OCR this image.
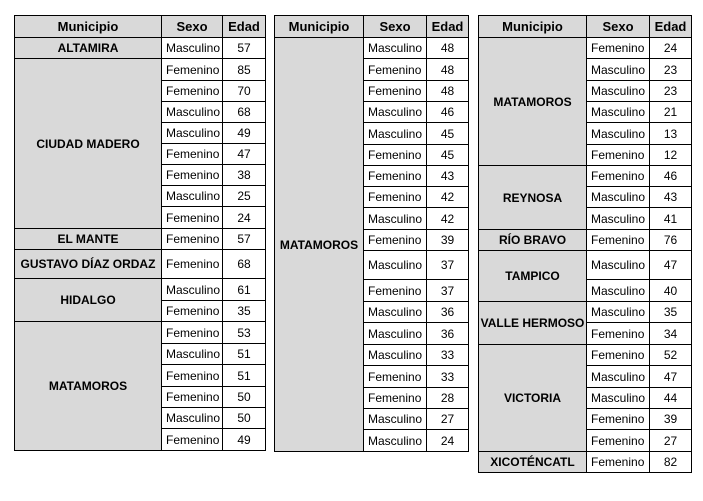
Municipio	Sexo	Edad
ALTAMIRA	Masculino	57
CIUDAD MADERO	Femenino	85
	Femenino	70
	Masculino	68
	Masculino	49
	Femenino	47
	Femenino	38
	Masculino	25
	Femenino	24
EL MANTE	Femenino	57
GUSTAVO DÍAZ ORDAZ	Femenino	68
HIDALGO	Masculino	61
	Femenino	35
MATAMOROS	Femenino	53
	Masculino	51
	Femenino	51
	Femenino	50
	Masculino	50
	Femenino	49
Municipio	Sexo	Edad
MATAMOROS	Masculino	48
	Femenino	48
	Femenino	48
	Masculino	46
	Masculino	45
	Femenino	45
	Femenino	43
	Femenino	42
	Masculino	42
	Femenino	39
	Masculino	37
	Femenino	37
	Masculino	36
	Masculino	36
	Masculino	33
	Femenino	33
	Femenino	28
	Masculino	27
	Masculino	24
Municipio	Sexo	Edad
MATAMOROS	Femenino	24
	Masculino	23
	Masculino	23
	Masculino	21
	Masculino	13
	Femenino	12
REYNOSA	Femenino	46
	Masculino	43
	Masculino	41
RÍO BRAVO	Femenino	76
TAMPICO	Masculino	47
	Masculino	40
VALLE HERMOSO	Masculino	35
	Femenino	34
VICTORIA	Femenino	52
	Masculino	47
	Masculino	44
	Femenino	39
	Femenino	27
XICOTÉNCATL	Femenino	82
